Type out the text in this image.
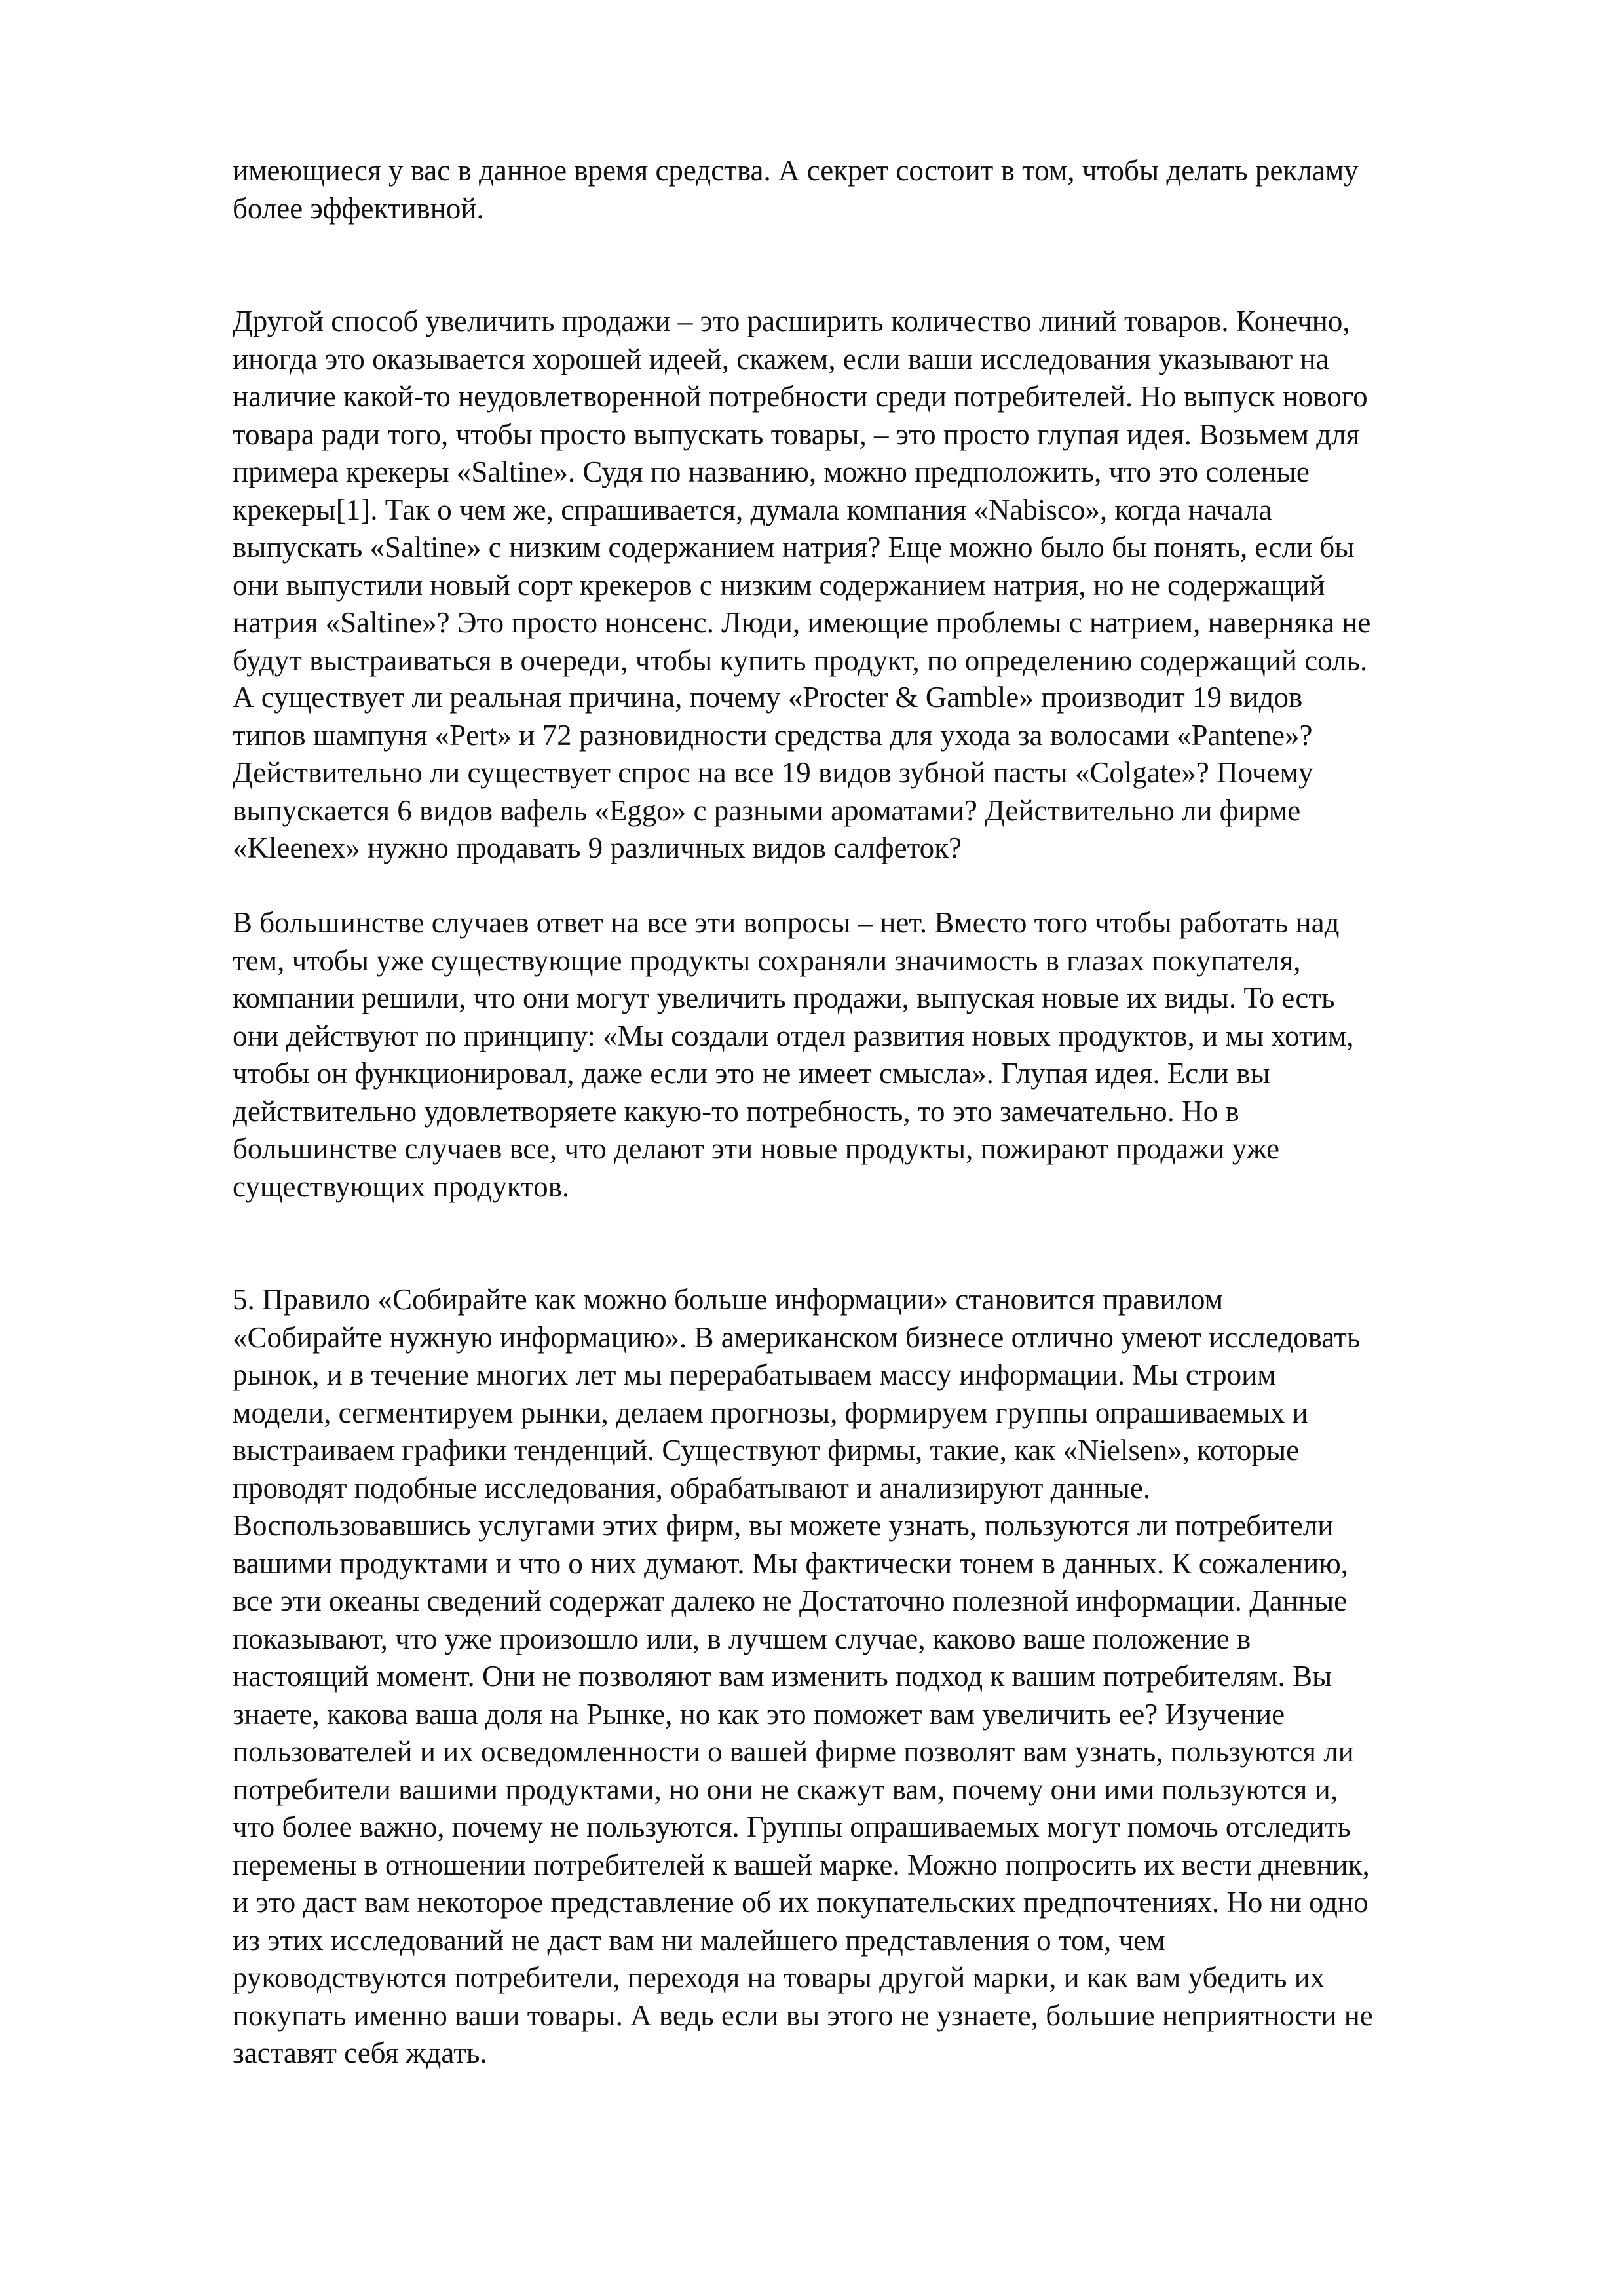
имеющиеся у вас в данное время средства. А секрет состоит в том, чтобы делать рекламу
более эффективной.

Другой способ увеличить продажи – это расширить количество линий товаров. Конечно,
иногда это оказывается хорошей идеей, скажем, если ваши исследования указывают на
наличие какой-то неудовлетворенной потребности среди потребителей. Но выпуск нового
товара ради того, чтобы просто выпускать товары, – это просто глупая идея. Возьмем для
примера крекеры «Saltine». Судя по названию, можно предположить, что это соленые
крекеры[1]. Так о чем же, спрашивается, думала компания «Nabisco», когда начала
выпускать «Saltine» с низким содержанием натрия? Еще можно было бы понять, если бы
они выпустили новый сорт крекеров с низким содержанием натрия, но не содержащий
натрия «Saltine»? Это просто нонсенс. Люди, имеющие проблемы с натрием, наверняка не
будут выстраиваться в очереди, чтобы купить продукт, по определению содержащий соль.

А существует ли реальная причина, почему «Procter & Gamble» производит 19 видов
типов шампуня «Pert» и 72 разновидности средства для ухода за волосами «Pantene»?
Действительно ли существует спрос на все 19 видов зубной пасты «Colgate»? Почему
выпускается 6 видов вафель «Eggo» с разными ароматами? Действительно ли фирме
«Kleenex» нужно продавать 9 различных видов салфеток?

В большинстве случаев ответ на все эти вопросы – нет. Вместо того чтобы работать над
тем, чтобы уже существующие продукты сохраняли значимость в глазах покупателя,
компании решили, что они могут увеличить продажи, выпуская новые их виды. То есть
они действуют по принципу: «Мы создали отдел развития новых продуктов, и мы хотим,
чтобы он функционировал, даже если это не имеет смысла». Глупая идея. Если вы
действительно удовлетворяете какую-то потребность, то это замечательно. Но в
большинстве случаев все, что делают эти новые продукты, пожирают продажи уже
существующих продуктов.

5. Правило «Собирайте как можно больше информации» становится правилом
«Собирайте нужную информацию». В американском бизнесе отлично умеют исследовать
рынок, и в течение многих лет мы перерабатываем массу информации. Мы строим
модели, сегментируем рынки, делаем прогнозы, формируем группы опрашиваемых и
выстраиваем графики тенденций. Существуют фирмы, такие, как «Nielsen», которые
проводят подобные исследования, обрабатывают и анализируют данные.
Воспользовавшись услугами этих фирм, вы можете узнать, пользуются ли потребители
вашими продуктами и что о них думают. Мы фактически тонем в данных. К сожалению,
все эти океаны сведений содержат далеко не Достаточно полезной информации. Данные
показывают, что уже произошло или, в лучшем случае, каково ваше положение в
настоящий момент. Они не позволяют вам изменить подход к вашим потребителям. Вы
знаете, какова ваша доля на Рынке, но как это поможет вам увеличить ее? Изучение
пользователей и их осведомленности о вашей фирме позволят вам узнать, пользуются ли
потребители вашими продуктами, но они не скажут вам, почему они ими пользуются и,
что более важно, почему не пользуются. Группы опрашиваемых могут помочь отследить
перемены в отношении потребителей к вашей марке. Можно попросить их вести дневник,
и это даст вам некоторое представление об их покупательских предпочтениях. Но ни одно
из этих исследований не даст вам ни малейшего представления о том, чем
руководствуются потребители, переходя на товары другой марки, и как вам убедить их
покупать именно ваши товары. А ведь если вы этого не узнаете, большие неприятности не
заставят себя ждать.
